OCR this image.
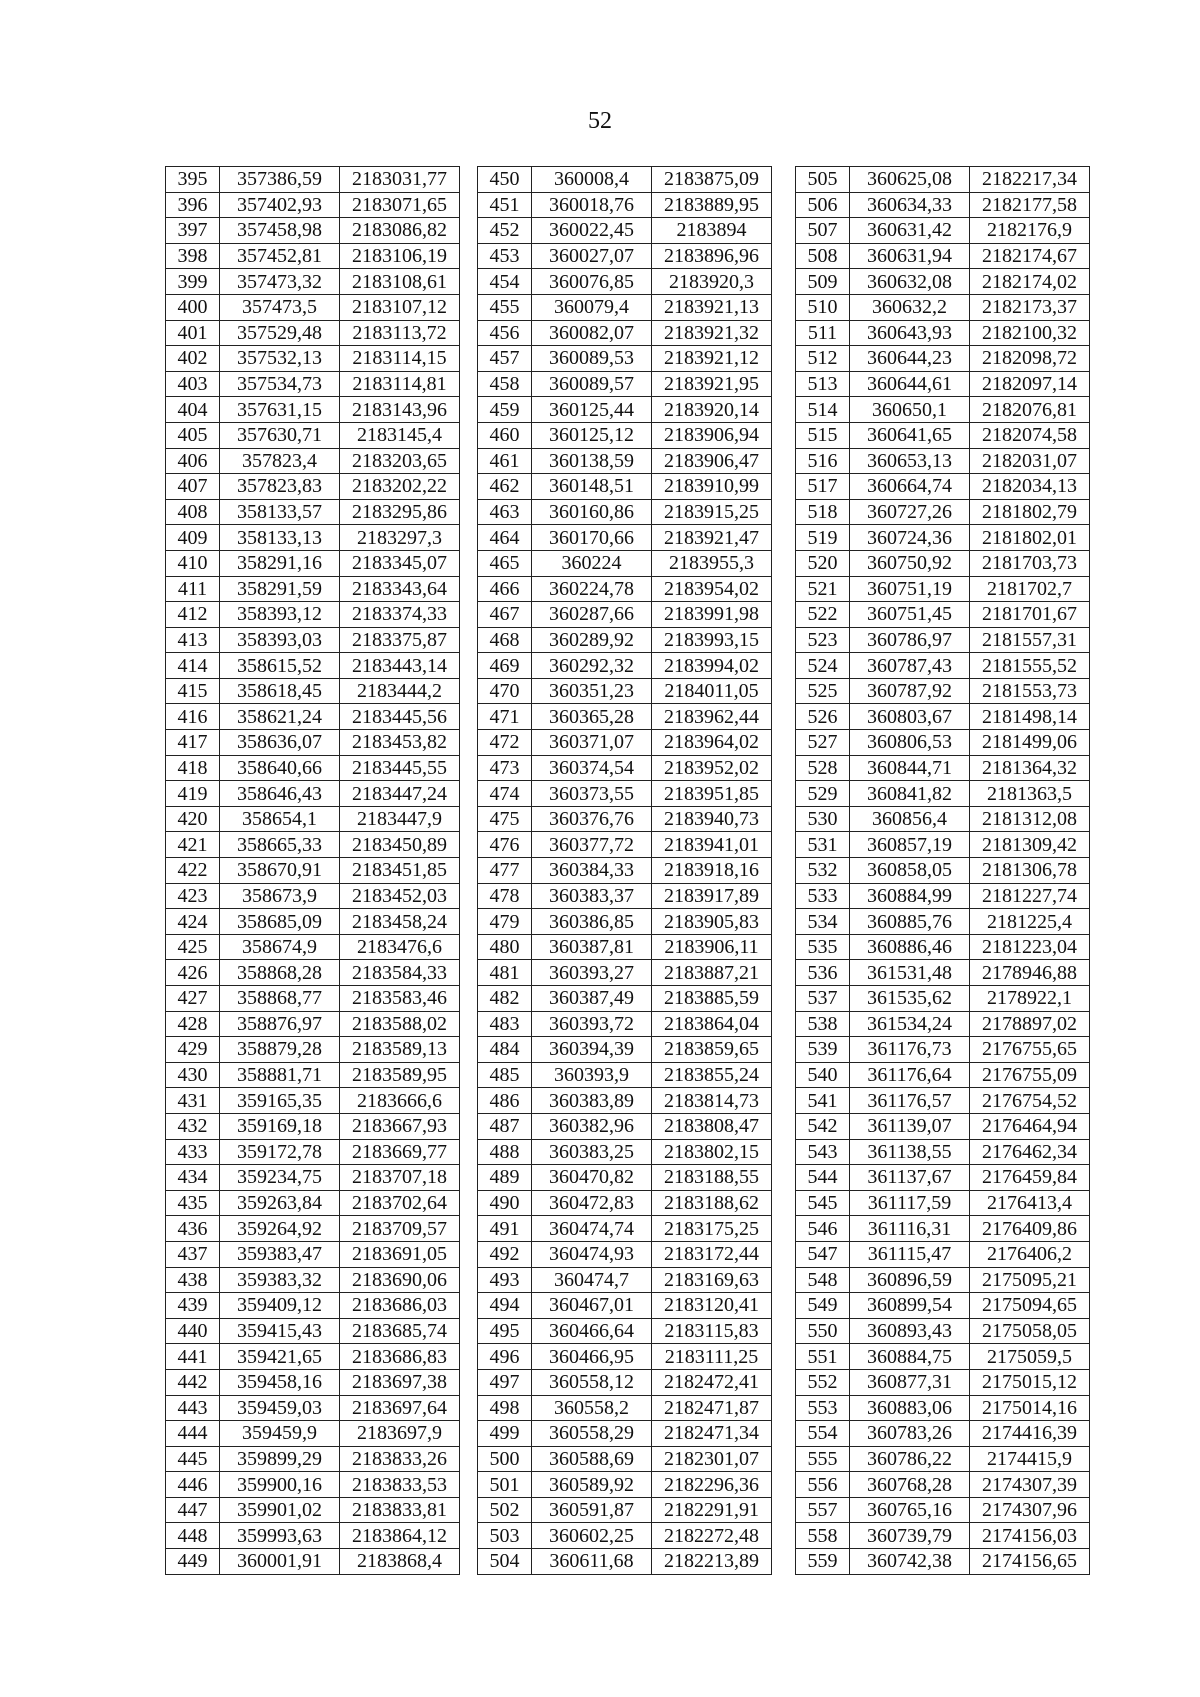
52
395	357386,59	2183031,77
396	357402,93	2183071,65
397	357458,98	2183086,82
398	357452,81	2183106,19
399	357473,32	2183108,61
400	357473,5	2183107,12
401	357529,48	2183113,72
402	357532,13	2183114,15
403	357534,73	2183114,81
404	357631,15	2183143,96
405	357630,71	2183145,4
406	357823,4	2183203,65
407	357823,83	2183202,22
408	358133,57	2183295,86
409	358133,13	2183297,3
410	358291,16	2183345,07
411	358291,59	2183343,64
412	358393,12	2183374,33
413	358393,03	2183375,87
414	358615,52	2183443,14
415	358618,45	2183444,2
416	358621,24	2183445,56
417	358636,07	2183453,82
418	358640,66	2183445,55
419	358646,43	2183447,24
420	358654,1	2183447,9
421	358665,33	2183450,89
422	358670,91	2183451,85
423	358673,9	2183452,03
424	358685,09	2183458,24
425	358674,9	2183476,6
426	358868,28	2183584,33
427	358868,77	2183583,46
428	358876,97	2183588,02
429	358879,28	2183589,13
430	358881,71	2183589,95
431	359165,35	2183666,6
432	359169,18	2183667,93
433	359172,78	2183669,77
434	359234,75	2183707,18
435	359263,84	2183702,64
436	359264,92	2183709,57
437	359383,47	2183691,05
438	359383,32	2183690,06
439	359409,12	2183686,03
440	359415,43	2183685,74
441	359421,65	2183686,83
442	359458,16	2183697,38
443	359459,03	2183697,64
444	359459,9	2183697,9
445	359899,29	2183833,26
446	359900,16	2183833,53
447	359901,02	2183833,81
448	359993,63	2183864,12
449	360001,91	2183868,4
450	360008,4	2183875,09
451	360018,76	2183889,95
452	360022,45	2183894
453	360027,07	2183896,96
454	360076,85	2183920,3
455	360079,4	2183921,13
456	360082,07	2183921,32
457	360089,53	2183921,12
458	360089,57	2183921,95
459	360125,44	2183920,14
460	360125,12	2183906,94
461	360138,59	2183906,47
462	360148,51	2183910,99
463	360160,86	2183915,25
464	360170,66	2183921,47
465	360224	2183955,3
466	360224,78	2183954,02
467	360287,66	2183991,98
468	360289,92	2183993,15
469	360292,32	2183994,02
470	360351,23	2184011,05
471	360365,28	2183962,44
472	360371,07	2183964,02
473	360374,54	2183952,02
474	360373,55	2183951,85
475	360376,76	2183940,73
476	360377,72	2183941,01
477	360384,33	2183918,16
478	360383,37	2183917,89
479	360386,85	2183905,83
480	360387,81	2183906,11
481	360393,27	2183887,21
482	360387,49	2183885,59
483	360393,72	2183864,04
484	360394,39	2183859,65
485	360393,9	2183855,24
486	360383,89	2183814,73
487	360382,96	2183808,47
488	360383,25	2183802,15
489	360470,82	2183188,55
490	360472,83	2183188,62
491	360474,74	2183175,25
492	360474,93	2183172,44
493	360474,7	2183169,63
494	360467,01	2183120,41
495	360466,64	2183115,83
496	360466,95	2183111,25
497	360558,12	2182472,41
498	360558,2	2182471,87
499	360558,29	2182471,34
500	360588,69	2182301,07
501	360589,92	2182296,36
502	360591,87	2182291,91
503	360602,25	2182272,48
504	360611,68	2182213,89
505	360625,08	2182217,34
506	360634,33	2182177,58
507	360631,42	2182176,9
508	360631,94	2182174,67
509	360632,08	2182174,02
510	360632,2	2182173,37
511	360643,93	2182100,32
512	360644,23	2182098,72
513	360644,61	2182097,14
514	360650,1	2182076,81
515	360641,65	2182074,58
516	360653,13	2182031,07
517	360664,74	2182034,13
518	360727,26	2181802,79
519	360724,36	2181802,01
520	360750,92	2181703,73
521	360751,19	2181702,7
522	360751,45	2181701,67
523	360786,97	2181557,31
524	360787,43	2181555,52
525	360787,92	2181553,73
526	360803,67	2181498,14
527	360806,53	2181499,06
528	360844,71	2181364,32
529	360841,82	2181363,5
530	360856,4	2181312,08
531	360857,19	2181309,42
532	360858,05	2181306,78
533	360884,99	2181227,74
534	360885,76	2181225,4
535	360886,46	2181223,04
536	361531,48	2178946,88
537	361535,62	2178922,1
538	361534,24	2178897,02
539	361176,73	2176755,65
540	361176,64	2176755,09
541	361176,57	2176754,52
542	361139,07	2176464,94
543	361138,55	2176462,34
544	361137,67	2176459,84
545	361117,59	2176413,4
546	361116,31	2176409,86
547	361115,47	2176406,2
548	360896,59	2175095,21
549	360899,54	2175094,65
550	360893,43	2175058,05
551	360884,75	2175059,5
552	360877,31	2175015,12
553	360883,06	2175014,16
554	360783,26	2174416,39
555	360786,22	2174415,9
556	360768,28	2174307,39
557	360765,16	2174307,96
558	360739,79	2174156,03
559	360742,38	2174156,65
